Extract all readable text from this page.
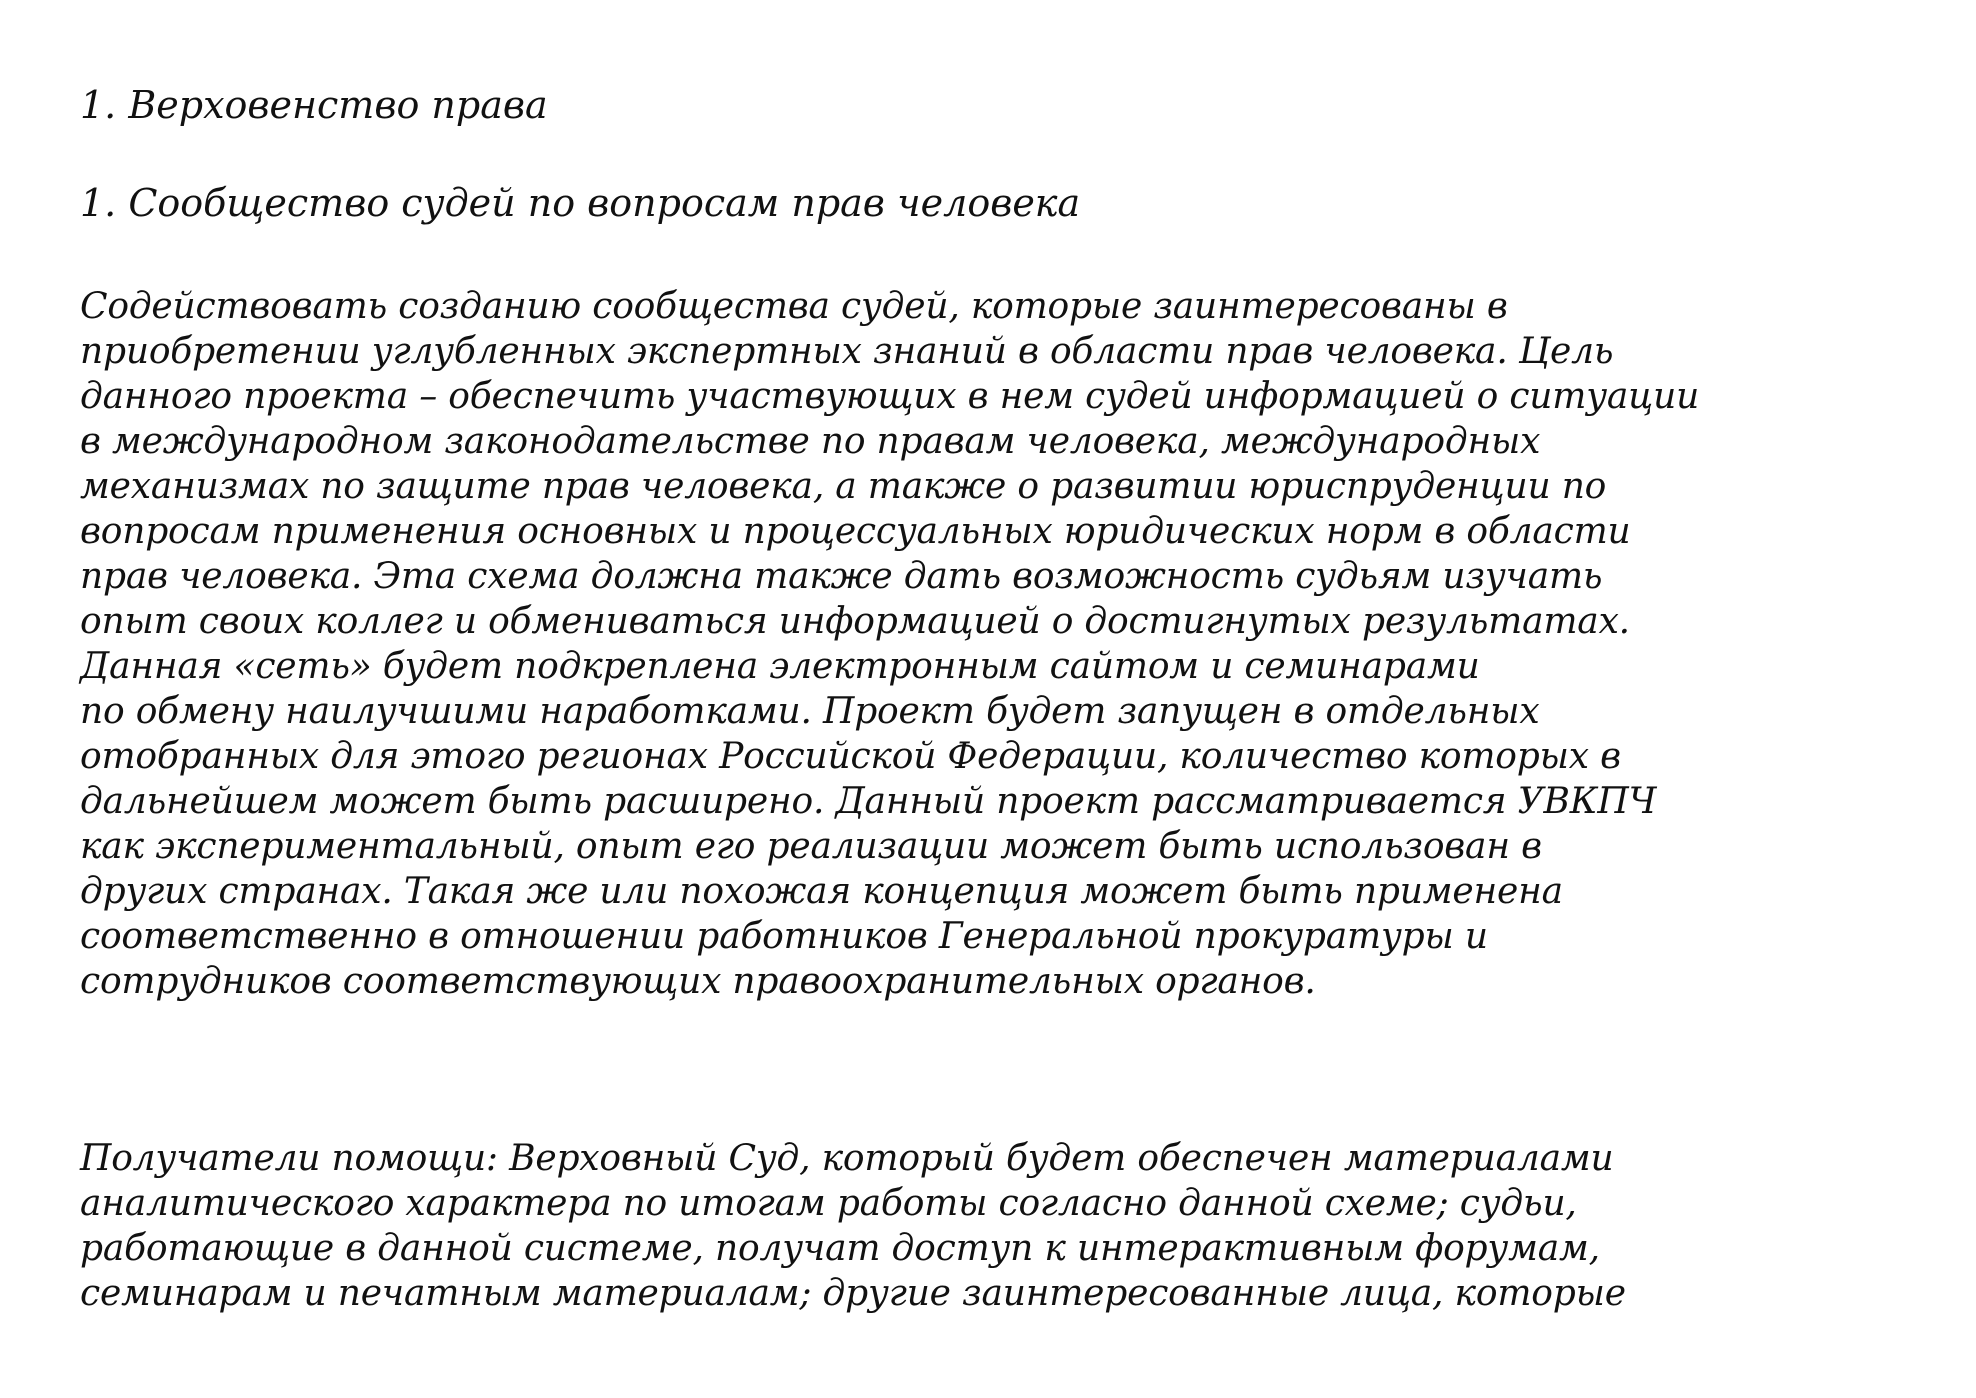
1. Верховенство права
1. Сообщество судей по вопросам прав человека
Содействовать созданию сообщества судей, которые заинтересованы в
приобретении углубленных экспертных знаний в области прав человека. Цель
данного проекта – обеспечить участвующих в нем судей информацией о ситуации
в международном законодательстве по правам человека, международных
механизмах по защите прав человека, а также о развитии юриспруденции по
вопросам применения основных и процессуальных юридических норм в области
прав человека. Эта схема должна также дать возможность судьям изучать
опыт своих коллег и обмениваться информацией о достигнутых результатах.
Данная «сеть» будет подкреплена электронным сайтом и семинарами
по обмену наилучшими наработками. Проект будет запущен в отдельных
отобранных для этого регионах Российской Федерации, количество которых в
дальнейшем может быть расширено. Данный проект рассматривается УВКПЧ
как экспериментальный, опыт его реализации может быть использован в
других странах. Такая же или похожая концепция может быть применена
соответственно в отношении работников Генеральной прокуратуры и
сотрудников соответствующих правоохранительных органов.
Получатели помощи: Верховный Суд, который будет обеспечен материалами
аналитического характера по итогам работы согласно данной схеме; судьи,
работающие в данной системе, получат доступ к интерактивным форумам,
семинарам и печатным материалам; другие заинтересованные лица, которые
